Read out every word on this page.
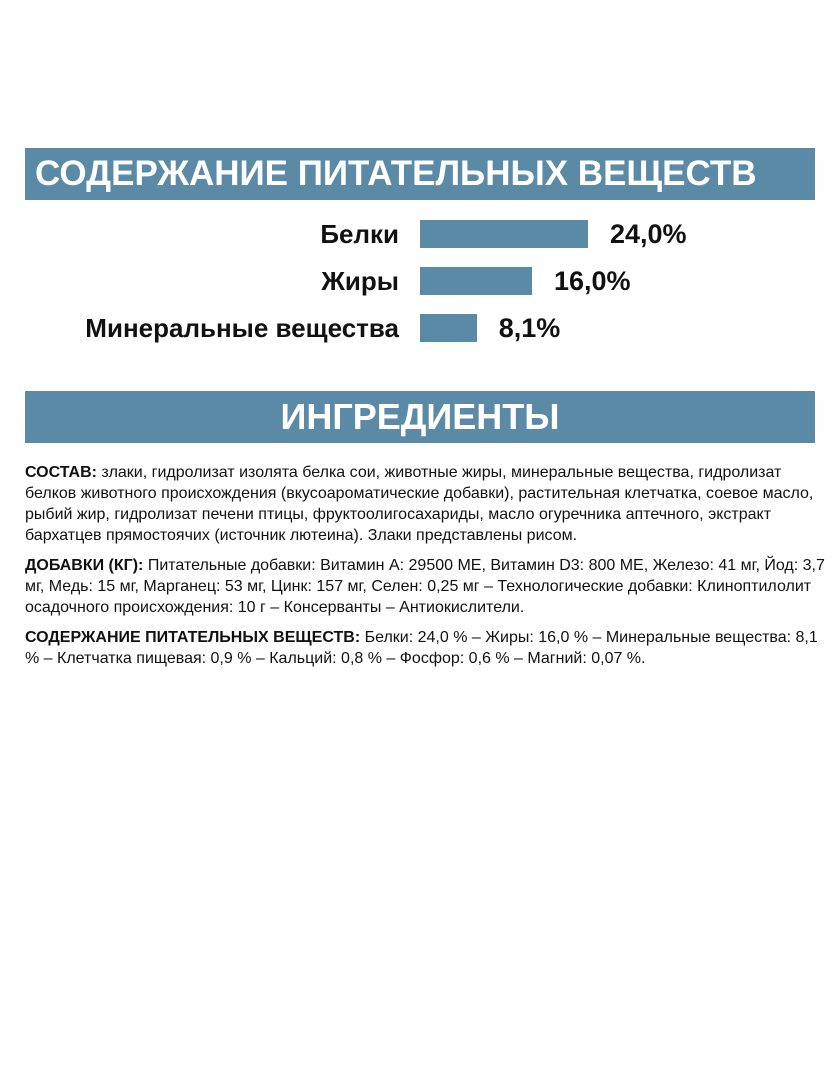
СОДЕРЖАНИЕ ПИТАТЕЛЬНЫХ ВЕЩЕСТВ
Белки	24,0%
Жиры	16,0%
Минеральные вещества	8,1%
ИНГРЕДИЕНТЫ

СОСТАВ: злаки, гидролизат изолята белка сои, животные жиры, минеральные вещества, гидролизат белков животного происхождения (вкусоароматические добавки), растительная клетчатка, соевое масло, рыбий жир, гидролизат печени птицы, фруктоолигосахариды, масло огуречника аптечного, экстракт бархатцев прямостоячих (источник лютеина). Злаки представлены рисом.

ДОБАВКИ (КГ): Питательные добавки: Витамин А: 29500 МЕ, Витамин D3: 800 МЕ, Железо: 41 мг, Йод: 3,7 мг, Медь: 15 мг, Марганец: 53 мг, Цинк: 157 мг, Селен: 0,25 мг – Технологические добавки: Клиноптилолит осадочного происхождения: 10 г – Консерванты – Антиокислители.

СОДЕРЖАНИЕ ПИТАТЕЛЬНЫХ ВЕЩЕСТВ: Белки: 24,0 % – Жиры: 16,0 % – Минеральные вещества: 8,1 % – Клетчатка пищевая: 0,9 % – Кальций: 0,8 % – Фосфор: 0,6 % – Магний: 0,07 %.
